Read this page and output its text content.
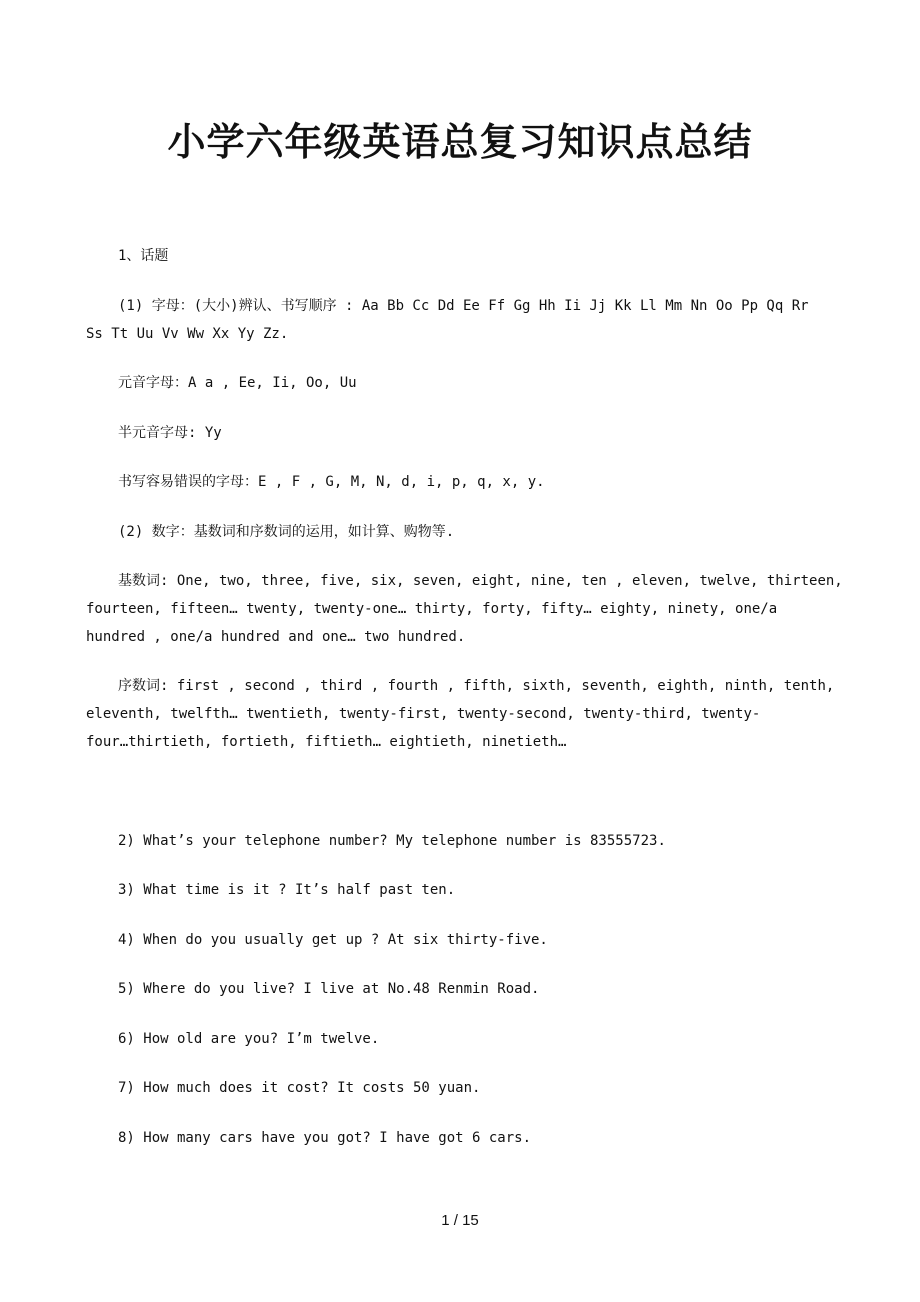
小学六年级英语总复习知识点总结

1、话题

(1) 字母：(大小)辨认、书写顺序 : Aa Bb Cc Dd Ee Ff Gg Hh Ii Jj Kk Ll Mm Nn Oo Pp Qq Rr

Ss Tt Uu Vv Ww Xx Yy Zz.

元音字母：A a , Ee, Ii, Oo, Uu

半元音字母: Yy

书写容易错误的字母：E , F , G, M, N, d, i, p, q, x, y.

(2) 数字：基数词和序数词的运用，如计算、购物等.

基数词: One, two, three, five, six, seven, eight, nine, ten , eleven, twelve, thirteen,

fourteen, fifteen… twenty, twenty-one… thirty, forty, fifty… eighty, ninety, one/a

hundred , one/a hundred and one… two hundred.

序数词: first , second , third , fourth , fifth, sixth, seventh, eighth, ninth, tenth,

eleventh, twelfth… twentieth, twenty-first, twenty-second, twenty-third, twenty-

four…thirtieth, fortieth, fiftieth… eightieth, ninetieth…

2) What’s your telephone number? My telephone number is 83555723.

3) What time is it ? It’s half past ten.

4) When do you usually get up ? At six thirty-five.

5) Where do you live? I live at No.48 Renmin Road.

6) How old are you? I’m twelve.

7) How much does it cost? It costs 50 yuan.

8) How many cars have you got? I have got 6 cars.

1 / 15
